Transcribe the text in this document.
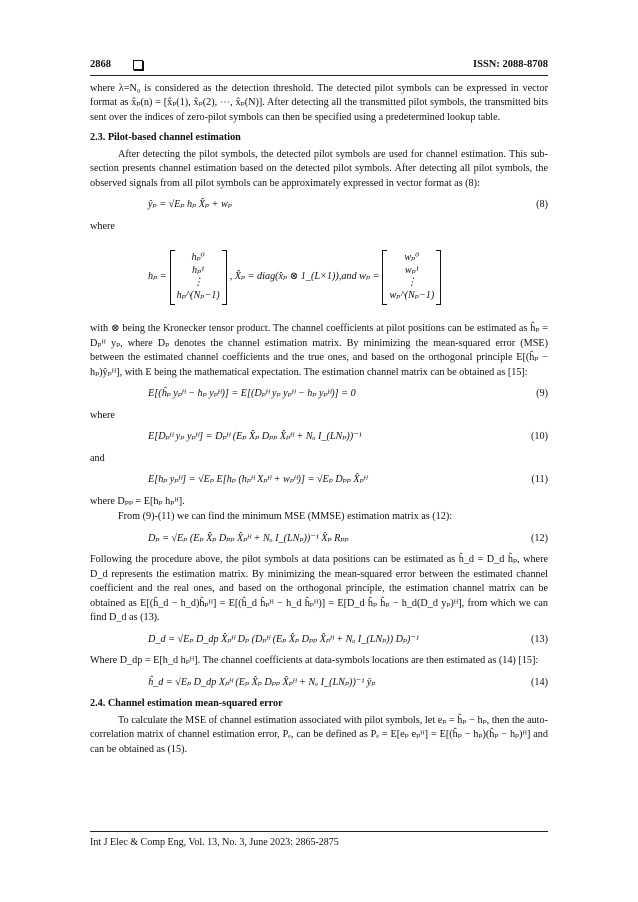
2868	ISSN: 2088-8708

where λ=N₀ is considered as the detection threshold. The detected pilot symbols can be expressed in vector format as x̂ₚ(n) = [x̂ₚ(1), x̂ₚ(2), ⋯, x̂ₚ(N)]. After detecting all the transmitted pilot symbols, the transmitted bits sent over the indices of zero-pilot symbols can then be specified using a predetermined lookup table.

2.3. Pilot-based channel estimation

After detecting the pilot symbols, the detected pilot symbols are used for channel estimation. This sub-section presents channel estimation based on the detected pilot symbols. After detecting all pilot symbols, the observed signals from all pilot symbols can be approximately expressed in vector format as (8):

ŷₚ = √Eₚ hₚ X̂ₚ + wₚ	(8)
where
hₚ =
hₚ⁰
hₚ¹
⋮
hₚ^(Nₚ−1)
, X̂ₚ = diag(x̂ₚ ⊗ 1_(L×1)),and wₚ =
wₚ⁰
wₚ¹
⋮
wₚ^(Nₚ−1)

with ⊗ being the Kronecker tensor product. The channel coefficients at pilot positions can be estimated as ĥₚ = Dₚᴴ yₚ, where Dₚ denotes the channel estimation matrix. By minimizing the mean-squared error (MSE) between the estimated channel coefficients and the true ones, and based on the orthogonal principle E[(ĥₚ − hₚ)ŷₚᴴ], with E being the mathematical expectation. The estimation channel matrix can be obtained as [15]:

E[(ĥₚ yₚᴴ − hₚ yₚᴴ)] = E[(Dₚᴴ yₚ yₚᴴ − hₚ yₚᴴ)] = 0	(9)
where
E[Dₚᴴ yₚ yₚᴴ] = Dₚᴴ (Eₚ X̂ₚ Dₚₚ X̂ₚᴴ + Nₒ I_(LNₚ))⁻¹	(10)
and
E[hₚ yₚᴴ] = √Eₚ E[hₚ (hₚᴴ Xₚᴴ + wₚᴴ)] = √Eₚ Dₚₚ X̂ₚᴴ	(11)

where Dₚₚ = E[hₚ hₚᴴ].

From (9)-(11) we can find the minimum MSE (MMSE) estimation matrix as (12):

Dₚ = √Eₚ (Eₚ X̂ₚ Dₚₚ X̂ₚᴴ + Nₒ I_(LNₚ))⁻¹ X̂ₚ Rₚₚ	(12)

Following the procedure above, the pilot symbols at data positions can be estimated as ĥ_d = D_d ĥₚ, where D_d represents the estimation matrix. By minimizing the mean-squared error between the estimated channel coefficient and the real ones, and based on the orthogonal principle, the estimation channel matrix can be obtained as E[(ĥ_d − h_d)ĥₚᴴ] = E[(ĥ_d ĥₚᴴ − h_d ĥₚᴴ)] = E[D_d ĥₚ ĥₚ − h_d(D_d yₚ)ᴴ], from which we can find D_d as (13).

D_d = √Eₚ D_dp X̂ₚᴴ Dₚ (Dₚᴴ (Eₚ X̂ₚ Dₚₚ X̂ₚᴴ + Nₒ I_(LNₚ)) Dₚ)⁻¹	(13)

Where D_dp = E[h_d hₚᴴ]. The channel coefficients at data-symbols locations are then estimated as (14) [15]:

ĥ_d = √Eₚ D_dp Xₚᴴ (Eₚ X̂ₚ Dₚₚ X̂ₚᴴ + Nₒ I_(LNₚ))⁻¹ ŷₚ	(14)
2.4. Channel estimation mean-squared error

To calculate the MSE of channel estimation associated with pilot symbols, let eₚ = ĥₚ − hₚ, then the auto-correlation matrix of channel estimation error, Pₑ, can be defined as Pₑ = E[eₚ eₚᴴ] = E[(ĥₚ − hₚ)(ĥₚ − hₚ)ᴴ] and can be obtained as (15).

Int J Elec & Comp Eng, Vol. 13, No. 3, June 2023: 2865-2875
